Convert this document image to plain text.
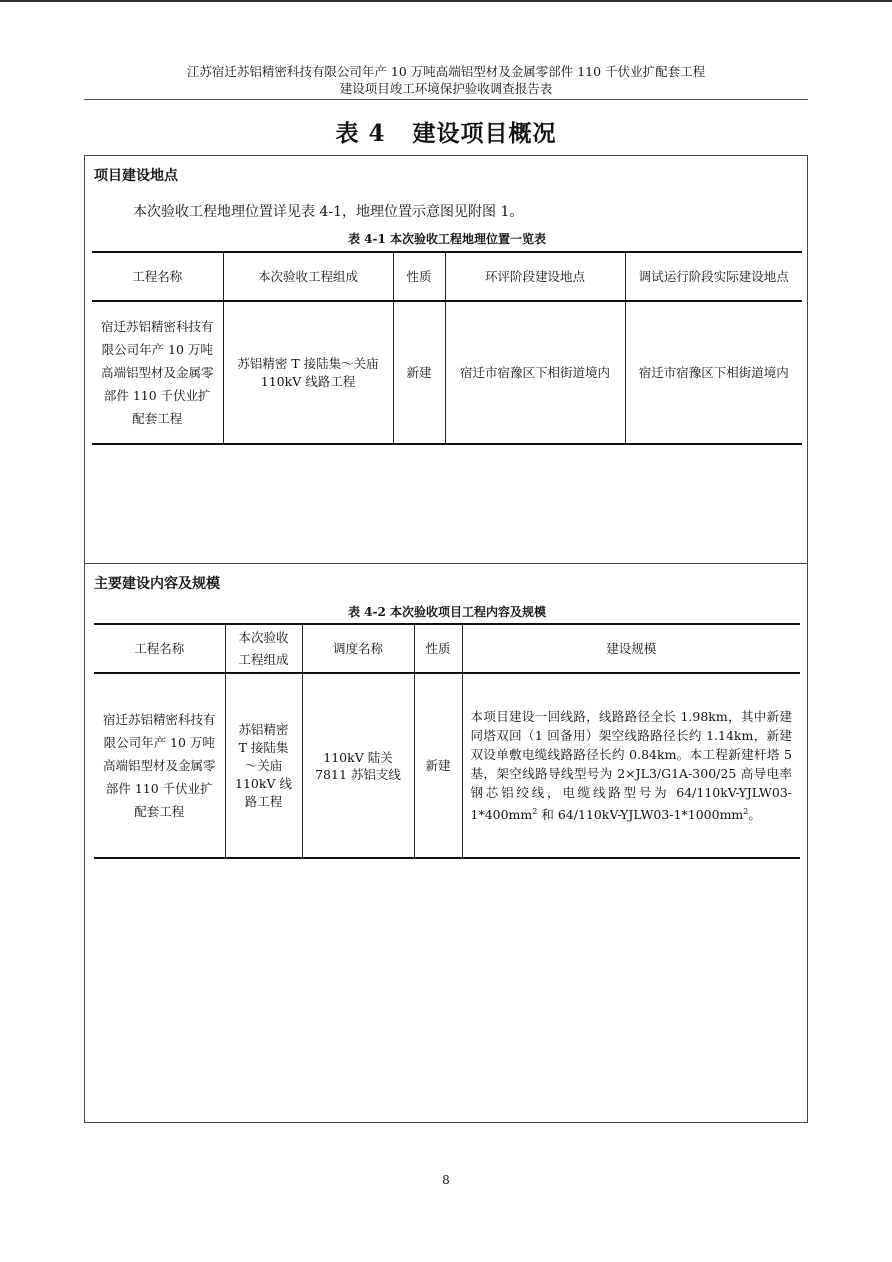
江苏宿迁苏铝精密科技有限公司年产 10 万吨高端铝型材及金属零部件 110 千伏业扩配套工程
建设项目竣工环境保护验收调查报告表
表 4   建设项目概况
项目建设地点
本次验收工程地理位置详见表 4-1，地理位置示意图见附图 1。
表 4-1 本次验收工程地理位置一览表
工程名称	本次验收工程组成	性质	环评阶段建设地点	调试运行阶段实际建设地点
宿迁苏铝精密科技有限公司年产 10 万吨高端铝型材及金属零部件 110 千伏业扩配套工程	苏铝精密 T 接陆集～关庙 110kV 线路工程	新建	宿迁市宿豫区下相街道境内	宿迁市宿豫区下相街道境内
主要建设内容及规模
表 4-2 本次验收项目工程内容及规模
工程名称	本次验收工程组成	调度名称	性质	建设规模
宿迁苏铝精密科技有限公司年产 10 万吨高端铝型材及金属零部件 110 千伏业扩配套工程	苏铝精密 T 接陆集～关庙 110kV 线路工程	110kV 陆关 7811 苏铝支线	新建	本项目建设一回线路，线路路径全长 1.98km，其中新建同塔双回（1 回备用）架空线路路径长约 1.14km，新建双设单敷电缆线路路径长约 0.84km。本工程新建杆塔 5 基，架空线路导线型号为 2×JL3/G1A-300/25 高导电率钢芯铝绞线，电缆线路型号为 $64/110kV-YJLW03-1*400mm^2$ 和 $64/110kV-YJLW03-1*1000mm^2$。
8
